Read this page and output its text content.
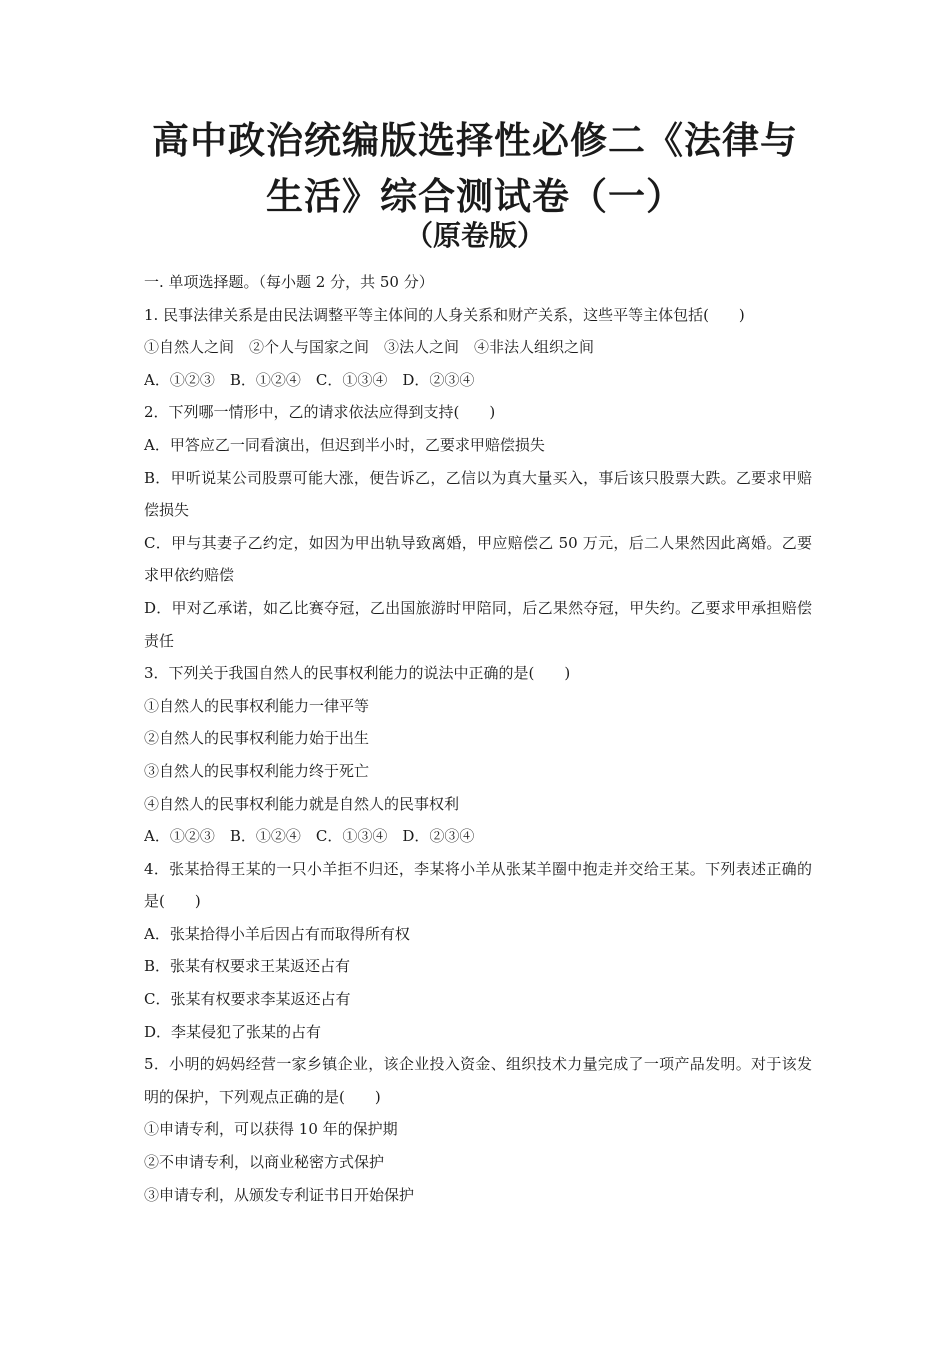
高中政治统编版选择性必修二《法律与
生活》综合测试卷（一）
（原卷版）
一. 单项选择题。（每小题 2 分，共 50 分）
1. 民事法律关系是由民法调整平等主体间的人身关系和财产关系，这些平等主体包括(　　)
①自然人之间　②个人与国家之间　③法人之间　④非法人组织之间
A．①②③　B．①②④　C．①③④　D．②③④
2．下列哪一情形中，乙的请求依法应得到支持(　　)
A．甲答应乙一同看演出，但迟到半小时，乙要求甲赔偿损失
B．甲听说某公司股票可能大涨，便告诉乙，乙信以为真大量买入，事后该只股票大跌。乙要求甲赔偿损失
C．甲与其妻子乙约定，如因为甲出轨导致离婚，甲应赔偿乙 50 万元，后二人果然因此离婚。乙要求甲依约赔偿
D．甲对乙承诺，如乙比赛夺冠，乙出国旅游时甲陪同，后乙果然夺冠，甲失约。乙要求甲承担赔偿责任
3．下列关于我国自然人的民事权利能力的说法中正确的是(　　)
①自然人的民事权利能力一律平等
②自然人的民事权利能力始于出生
③自然人的民事权利能力终于死亡
④自然人的民事权利能力就是自然人的民事权利
A．①②③　B．①②④　C．①③④　D．②③④
4．张某拾得王某的一只小羊拒不归还，李某将小羊从张某羊圈中抱走并交给王某。下列表述正确的是(　　)
A．张某拾得小羊后因占有而取得所有权
B．张某有权要求王某返还占有
C．张某有权要求李某返还占有
D．李某侵犯了张某的占有
5．小明的妈妈经营一家乡镇企业，该企业投入资金、组织技术力量完成了一项产品发明。对于该发明的保护，下列观点正确的是(　　)
①申请专利，可以获得 10 年的保护期
②不申请专利，以商业秘密方式保护
③申请专利，从颁发专利证书日开始保护
